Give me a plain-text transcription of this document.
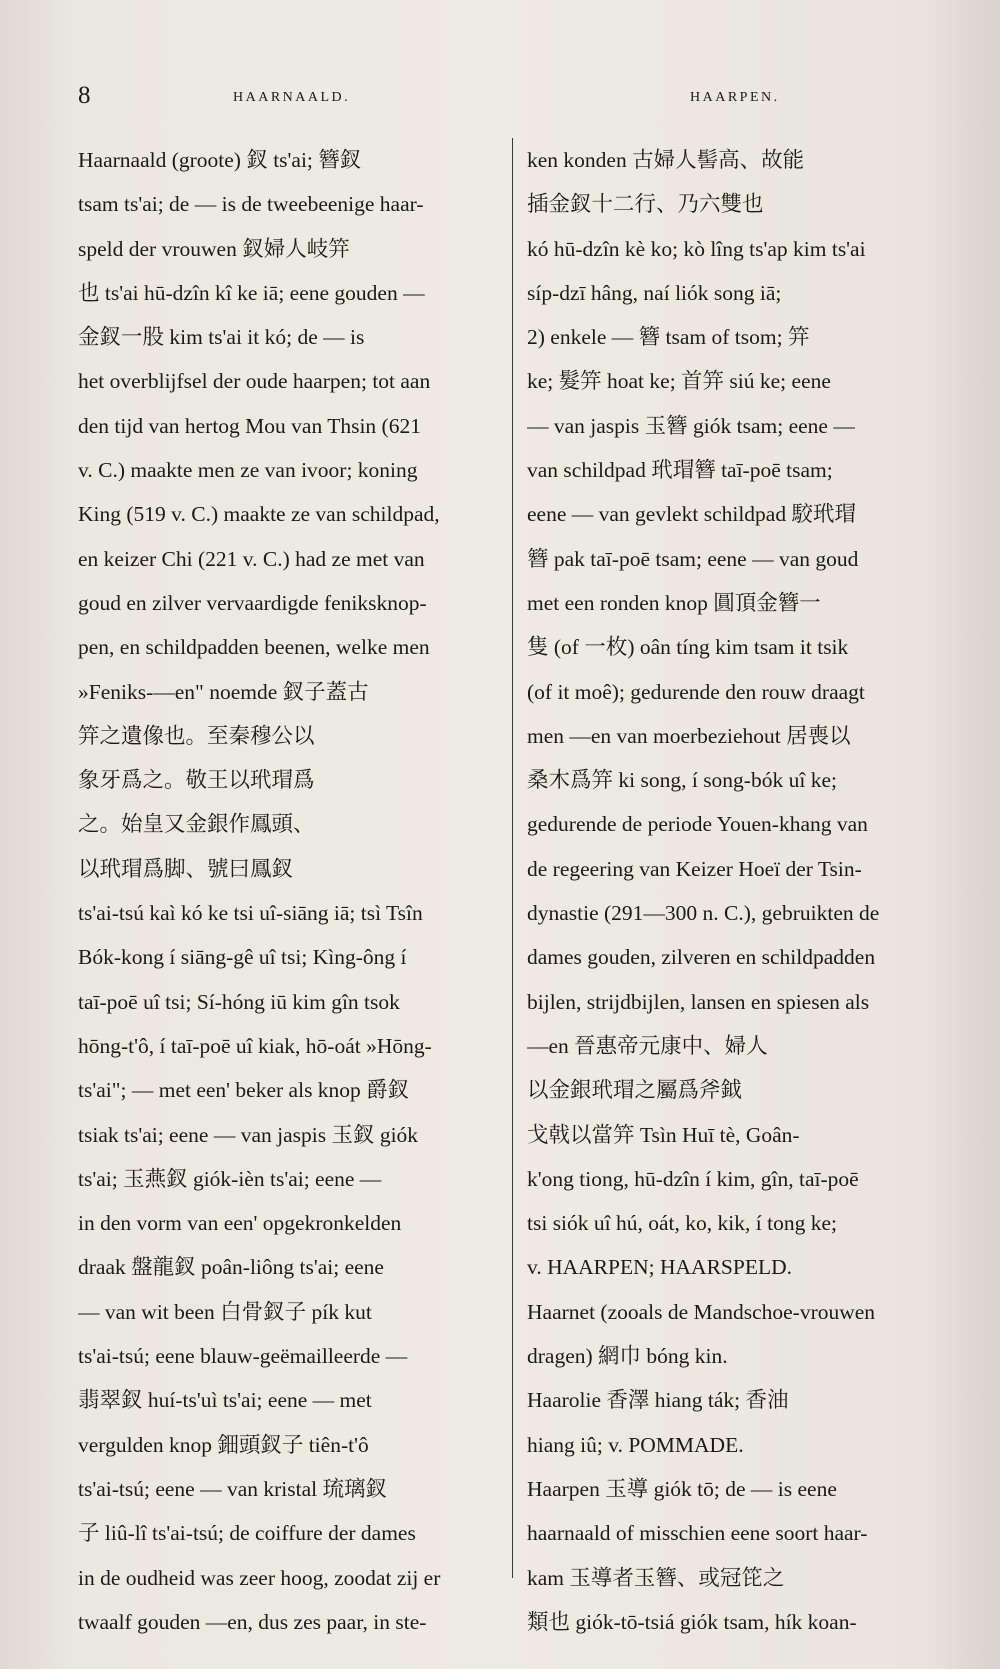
8	HAARNAALD.	HAARPEN.
Haarnaald (groote) 釵 ts'ai; 簪釵
tsam ts'ai; de — is de tweebeenige haar-
speld der vrouwen 釵婦人岐笄
也 ts'ai hū-dzîn kî ke iā; eene gouden —
金釵一股 kim ts'ai it kó; de — is
het overblijfsel der oude haarpen; tot aan
den tijd van hertog Mou van Thsin (621
v. C.) maakte men ze van ivoor; koning
King (519 v. C.) maakte ze van schildpad,
en keizer Chi (221 v. C.) had ze met van
goud en zilver vervaardigde feniksknop-
pen, en schildpadden beenen, welke men
»Feniks-—en" noemde 釵子蓋古
笄之遺像也。至秦穆公以
象牙爲之。敬王以玳瑁爲
之。始皇又金銀作鳳頭、
以玳瑁爲脚、號曰鳳釵
ts'ai-tsú kaì kó ke tsi uî-siāng iā; tsì Tsîn
Bók-kong í siāng-gê uî tsi; Kìng-ông í
taī-poē uî tsi; Sí-hóng iū kim gîn tsok
hōng-t'ô, í taī-poē uî kiak, hō-oát »Hōng-
ts'ai"; — met een' beker als knop 爵釵
tsiak ts'ai; eene — van jaspis 玉釵 giók
ts'ai; 玉燕釵 giók-ièn ts'ai; eene —
in den vorm van een' opgekronkelden
draak 盤龍釵 poân-liông ts'ai; eene
— van wit been 白骨釵子 pík kut
ts'ai-tsú; eene blauw-geëmailleerde —
翡翠釵 huí-ts'uì ts'ai; eene — met
vergulden knop 鈿頭釵子 tiên-t'ô
ts'ai-tsú; eene — van kristal 琉璃釵
子 liû-lî ts'ai-tsú; de coiffure der dames
in de oudheid was zeer hoog, zoodat zij er
twaalf gouden —en, dus zes paar, in ste-
ken konden 古婦人髻高、故能
插金釵十二行、乃六雙也
kó hū-dzîn kè ko; kò lîng ts'ap kim ts'ai
síp-dzī hâng, naí liók song iā;
2) enkele — 簪 tsam of tsom; 笄
ke; 髮笄 hoat ke; 首笄 siú ke; eene
— van jaspis 玉簪 giók tsam; eene —
van schildpad 玳瑁簪 taī-poē tsam;
eene — van gevlekt schildpad 駮玳瑁
簪 pak taī-poē tsam; eene — van goud
met een ronden knop 圓頂金簪一
隻 (of 一枚) oân tíng kim tsam it tsik
(of it moê); gedurende den rouw draagt
men —en van moerbeziehout 居喪以
桑木爲笄 ki song, í song-bók uî ke;
gedurende de periode Youen-khang van
de regeering van Keizer Hoeï der Tsin-
dynastie (291—300 n. C.), gebruikten de
dames gouden, zilveren en schildpadden
bijlen, strijdbijlen, lansen en spiesen als
—en 晉惠帝元康中、婦人
以金銀玳瑁之屬爲斧鉞
戈戟以當笄 Tsìn Huī tè, Goân-
k'ong tiong, hū-dzîn í kim, gîn, taī-poē
tsi siók uî hú, oát, ko, kik, í tong ke;
v. HAARPEN; HAARSPELD.
Haarnet (zooals de Mandschoe-vrouwen
dragen) 網巾 bóng kin.
Haarolie 香澤 hiang ták; 香油
hiang iû; v. POMMADE.
Haarpen 玉導 giók tō; de — is eene
haarnaald of misschien eene soort haar-
kam 玉導者玉簪、或冠笓之
類也 giók-tō-tsiá giók tsam, hík koan-
